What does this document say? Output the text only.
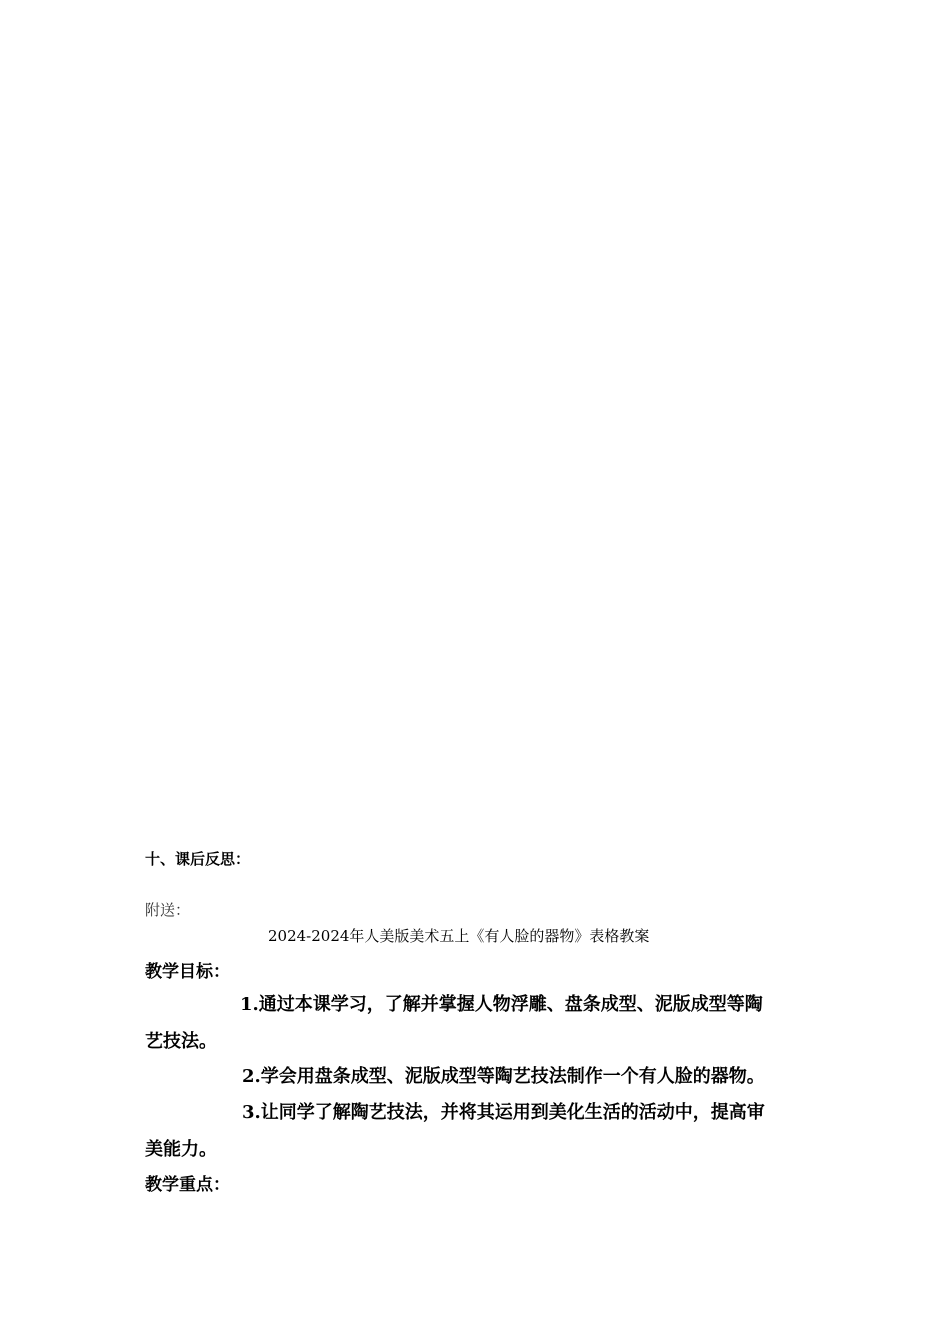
十、课后反思：
附送：
2024-2024年人美版美术五上《有人脸的器物》表格教案
教学目标：
1.通过本课学习，了解并掌握人物浮雕、盘条成型、泥版成型等陶
艺技法。
2.学会用盘条成型、泥版成型等陶艺技法制作一个有人脸的器物。
3.让同学了解陶艺技法，并将其运用到美化生活的活动中，提高审
美能力。
教学重点：
